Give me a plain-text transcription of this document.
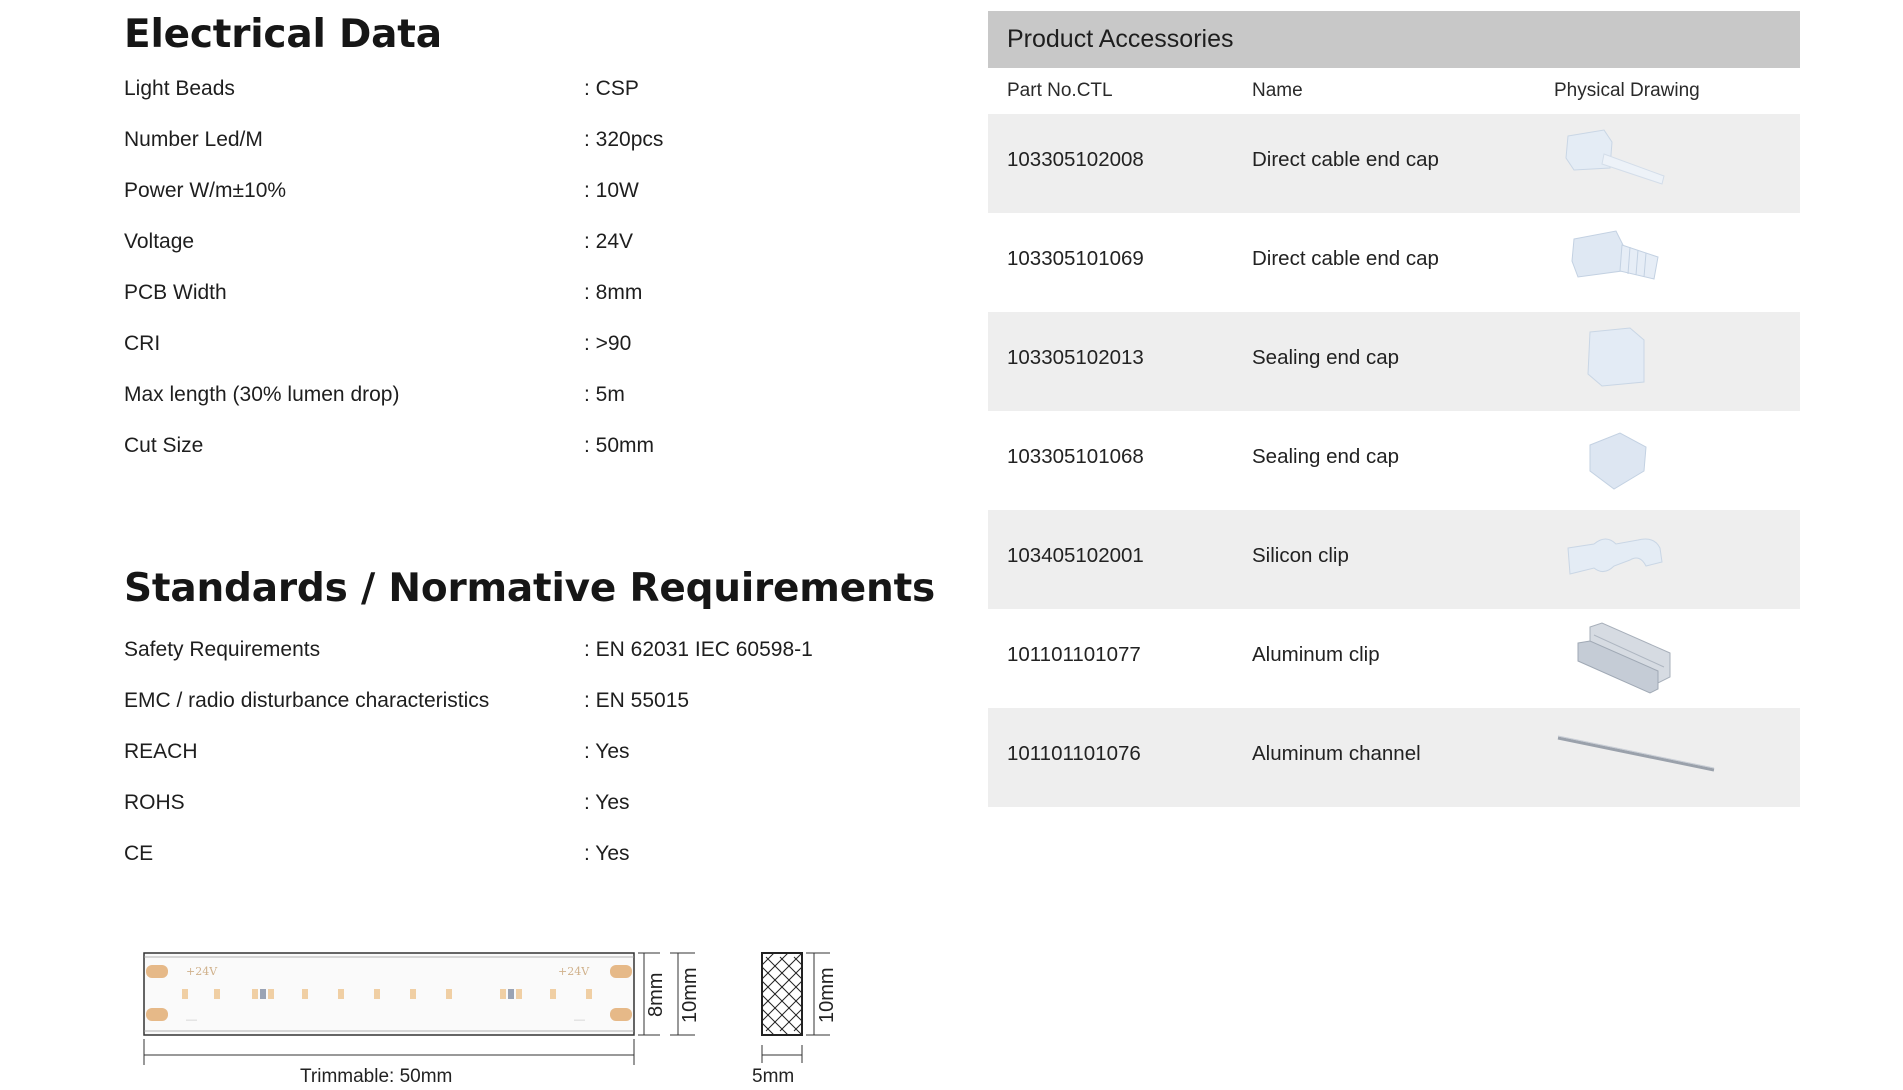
Electrical Data
Light Beads	: CSP
Number Led/M	: 320pcs
Power W/m±10%	: 10W
Voltage	: 24V
PCB Width	: 8mm
CRI	: >90
Max length (30% lumen drop)	: 5m
Cut Size	: 50mm
Standards / Normative Requirements
Safety Requirements	: EN 62031 IEC 60598-1
EMC / radio disturbance characteristics	: EN 55015
REACH	: Yes
ROHS	: Yes
CE	: Yes
Product Accessories
Part No.CTL	Name	Physical Drawing
103305102008	Direct cable end cap
103305101069	Direct cable end cap
103305102013	Sealing end cap
103305101068	Sealing end cap
103405102001	Silicon clip
101101101077	Aluminum clip
101101101076	Aluminum channel
+24V	+24V
—	—
8mm 10mm
Trimmable: 50mm
10mm
5mm
